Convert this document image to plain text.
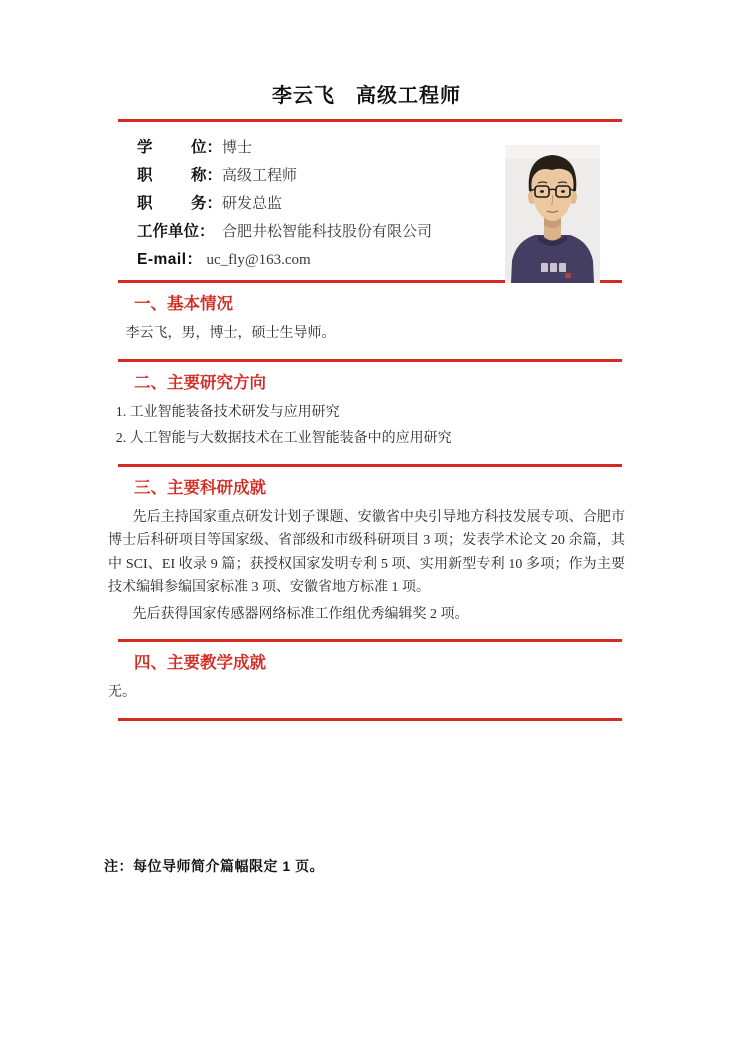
李云飞　高级工程师
学 位： 博士
职 称： 高级工程师
职 务： 研发总监
工作单位： 合肥井松智能科技股份有限公司
E-mail： uc_fly@163.com
一、基本情况

李云飞，男，博士，硕士生导师。

二、主要研究方向

1. 工业智能装备技术研发与应用研究

2. 人工智能与大数据技术在工业智能装备中的应用研究

三、主要科研成就

先后主持国家重点研发计划子课题、安徽省中央引导地方科技发展专项、合肥市博士后科研项目等国家级、省部级和市级科研项目 3 项；发表学术论文 20 余篇，其中 SCI、EI 收录 9 篇；获授权国家发明专利 5 项、实用新型专利 10 多项；作为主要技术编辑参编国家标准 3 项、安徽省地方标准 1 项。

先后获得国家传感器网络标准工作组优秀编辑奖 2 项。

四、主要教学成就

无。

注：每位导师简介篇幅限定 1 页。
